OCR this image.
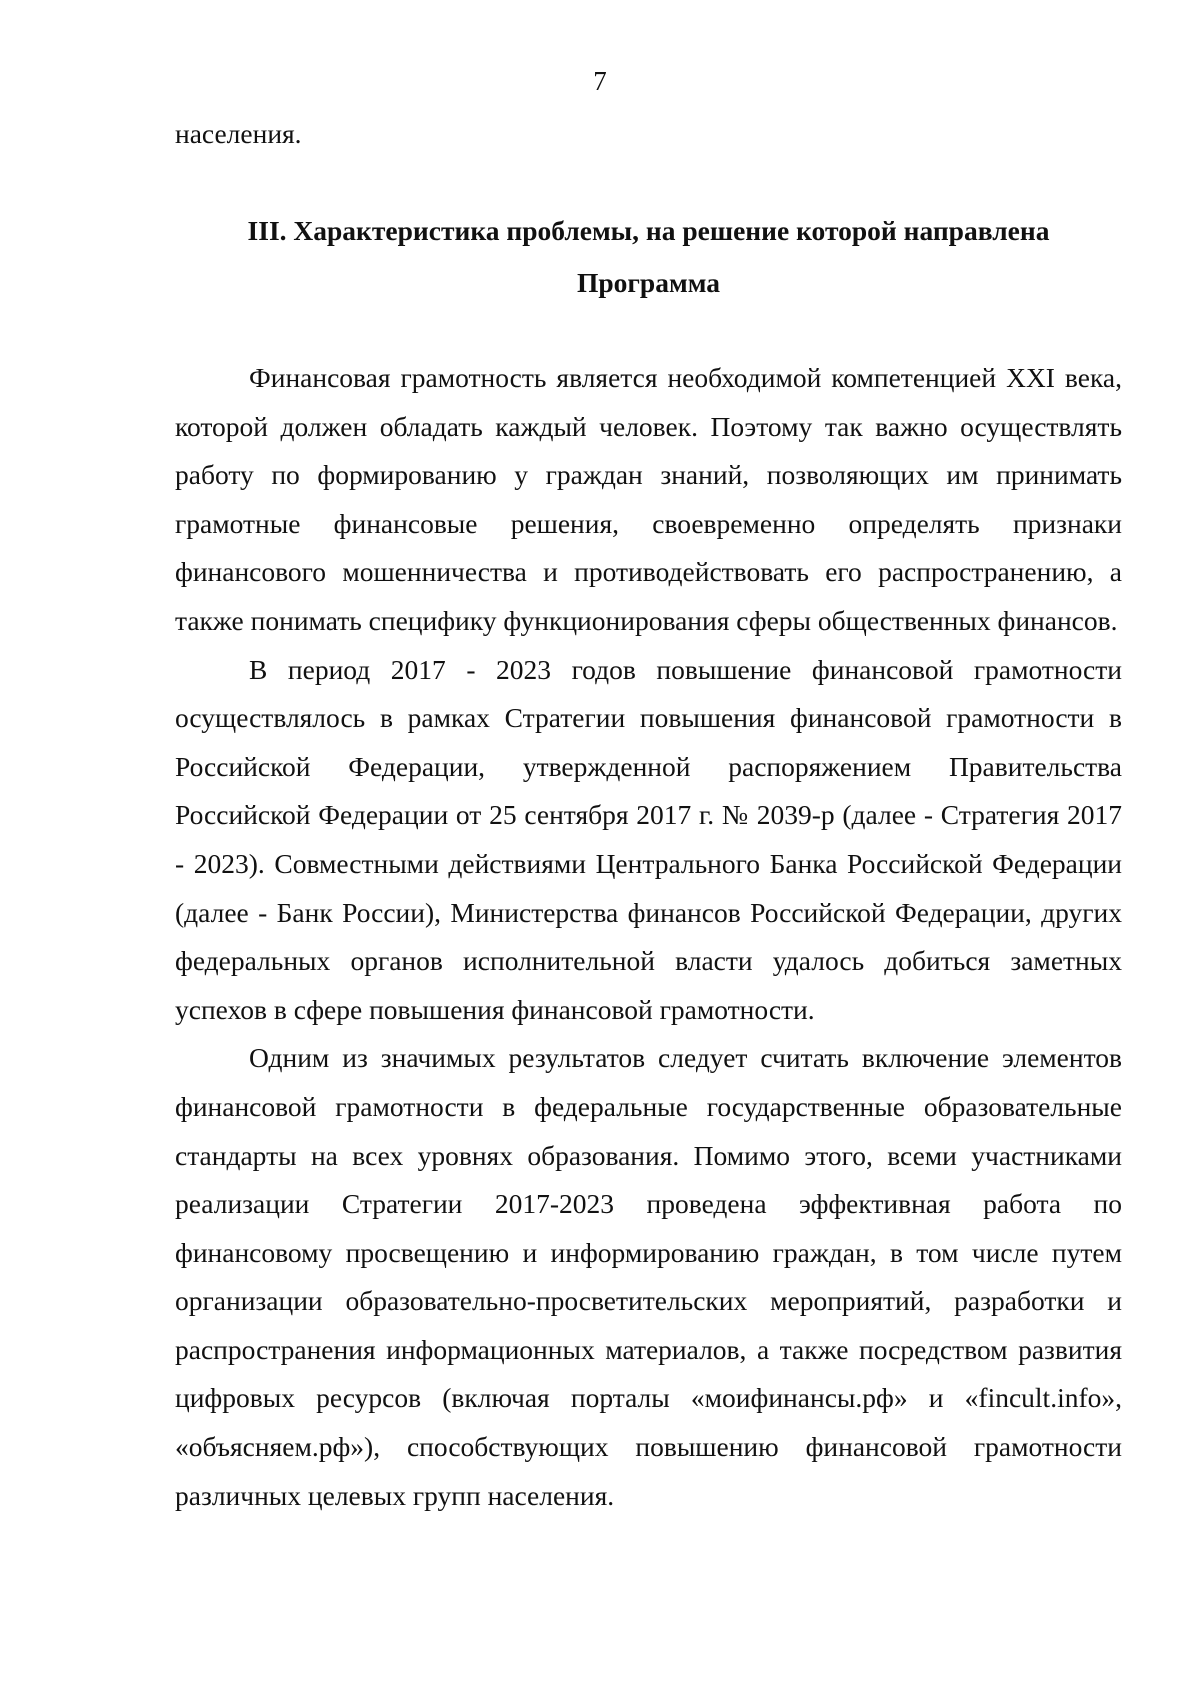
7
населения.
III. Характеристика проблемы, на решение которой направлена Программа

Финансовая грамотность является необходимой компетенцией XXI века, которой должен обладать каждый человек. Поэтому так важно осуществлять работу по формированию у граждан знаний, позволяющих им принимать грамотные финансовые решения, своевременно определять признаки финансового мошенничества и противодействовать его распространению, а также понимать специфику функционирования сферы общественных финансов.

В период 2017 - 2023 годов повышение финансовой грамотности осуществлялось в рамках Стратегии повышения финансовой грамотности в Российской Федерации, утвержденной распоряжением Правительства Российской Федерации от 25 сентября 2017 г. № 2039-р (далее - Стратегия 2017 - 2023). Совместными действиями Центрального Банка Российской Федерации (далее - Банк России), Министерства финансов Российской Федерации, других федеральных органов исполнительной власти удалось добиться заметных успехов в сфере повышения финансовой грамотности.

Одним из значимых результатов следует считать включение элементов финансовой грамотности в федеральные государственные образовательные стандарты на всех уровнях образования. Помимо этого, всеми участниками реализации Стратегии 2017-2023 проведена эффективная работа по финансовому просвещению и информированию граждан, в том числе путем организации образовательно-просветительских мероприятий, разработки и распространения информационных материалов, а также посредством развития цифровых ресурсов (включая порталы «моифинансы.рф» и «fincult.info», «объясняем.рф»), способствующих повышению финансовой грамотности различных целевых групп населения.
